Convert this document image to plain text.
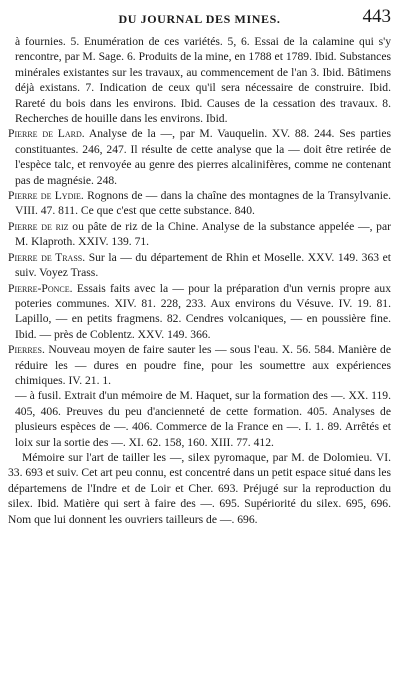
DU JOURNAL DES MINES.	443

à fournies. 5. Enumération de ces variétés. 5, 6. Essai de la calamine qui s'y rencontre, par M. Sage. 6. Produits de la mine, en 1788 et 1789. Ibid. Substances minérales existantes sur les travaux, au commencement de l'an 3. Ibid. Bâtimens déjà existans. 7. Indication de ceux qu'il sera nécessaire de construire. Ibid. Rareté du bois dans les environs. Ibid. Causes de la cessation des travaux. 8. Recherches de houille dans les environs. Ibid.

Pierre de Lard. Analyse de la —, par M. Vauquelin. XV. 88. 244. Ses parties constituantes. 246, 247. Il résulte de cette analyse que la — doit être retirée de l'espèce talc, et renvoyée au genre des pierres alcalinifères, comme ne contenant pas de magnésie. 248.

Pierre de Lydie. Rognons de — dans la chaîne des montagnes de la Transylvanie. VIII. 47. 811. Ce que c'est que cette substance. 840.

Pierre de riz ou pâte de riz de la Chine. Analyse de la substance appelée —, par M. Klaproth. XXIV. 139. 71.

Pierre de Trass. Sur la — du département de Rhin et Moselle. XXV. 149. 363 et suiv. Voyez Trass.

Pierre-Ponce. Essais faits avec la — pour la préparation d'un vernis propre aux poteries communes. XIV. 81. 228, 233. Aux environs du Vésuve. IV. 19. 81. Lapillo, — en petits fragmens. 82. Cendres volcaniques, — en poussière fine. Ibid. — près de Coblentz. XXV. 149. 366.

Pierres. Nouveau moyen de faire sauter les — sous l'eau. X. 56. 584. Manière de réduire les — dures en poudre fine, pour les soumettre aux expériences chimiques. IV. 21. 1.

— à fusil. Extrait d'un mémoire de M. Haquet, sur la formation des —. XX. 119. 405, 406. Preuves du peu d'ancienneté de cette formation. 405. Analyses de plusieurs espèces de —. 406. Commerce de la France en —. I. 1. 89. Arrêtés et loix sur la sortie des —. XI. 62. 158, 160. XIII. 77. 412.

Mémoire sur l'art de tailler les —, silex pyromaque, par M. de Dolomieu. VI. 33. 693 et suiv. Cet art peu connu, est concentré dans un petit espace situé dans les départemens de l'Indre et de Loir et Cher. 693. Préjugé sur la reproduction du silex. Ibid. Matière qui sert à faire des —. 695. Supériorité du silex. 695, 696. Nom que lui donnent les ouvriers tailleurs de —. 696.
